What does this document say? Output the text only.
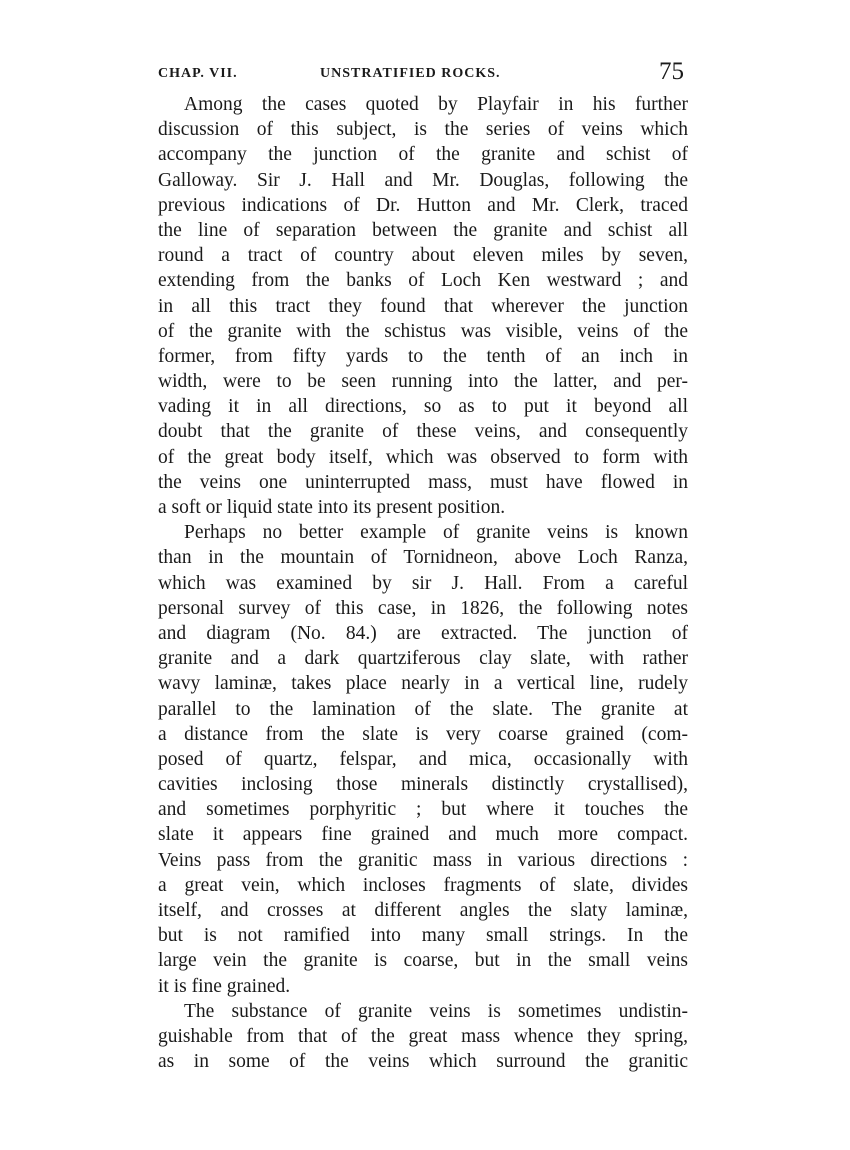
CHAP. VII.	UNSTRATIFIED ROCKS.	75
Among the cases quoted by Playfair in his further
discussion of this subject, is the series of veins which
accompany the junction of the granite and schist of
Galloway. Sir J. Hall and Mr. Douglas, following the
previous indications of Dr. Hutton and Mr. Clerk, traced
the line of separation between the granite and schist all
round a tract of country about eleven miles by seven,
extending from the banks of Loch Ken westward ; and
in all this tract they found that wherever the junction
of the granite with the schistus was visible, veins of the
former, from fifty yards to the tenth of an inch in
width, were to be seen running into the latter, and per-
vading it in all directions, so as to put it beyond all
doubt that the granite of these veins, and consequently
of the great body itself, which was observed to form with
the veins one uninterrupted mass, must have flowed in
a soft or liquid state into its present position.
Perhaps no better example of granite veins is known
than in the mountain of Tornidneon, above Loch Ranza,
which was examined by sir J. Hall. From a careful
personal survey of this case, in 1826, the following notes
and diagram (No. 84.) are extracted. The junction of
granite and a dark quartziferous clay slate, with rather
wavy laminæ, takes place nearly in a vertical line, rudely
parallel to the lamination of the slate. The granite at
a distance from the slate is very coarse grained (com-
posed of quartz, felspar, and mica, occasionally with
cavities inclosing those minerals distinctly crystallised),
and sometimes porphyritic ; but where it touches the
slate it appears fine grained and much more compact.
Veins pass from the granitic mass in various directions :
a great vein, which incloses fragments of slate, divides
itself, and crosses at different angles the slaty laminæ,
but is not ramified into many small strings. In the
large vein the granite is coarse, but in the small veins
it is fine grained.
The substance of granite veins is sometimes undistin-
guishable from that of the great mass whence they spring,
as in some of the veins which surround the granitic
